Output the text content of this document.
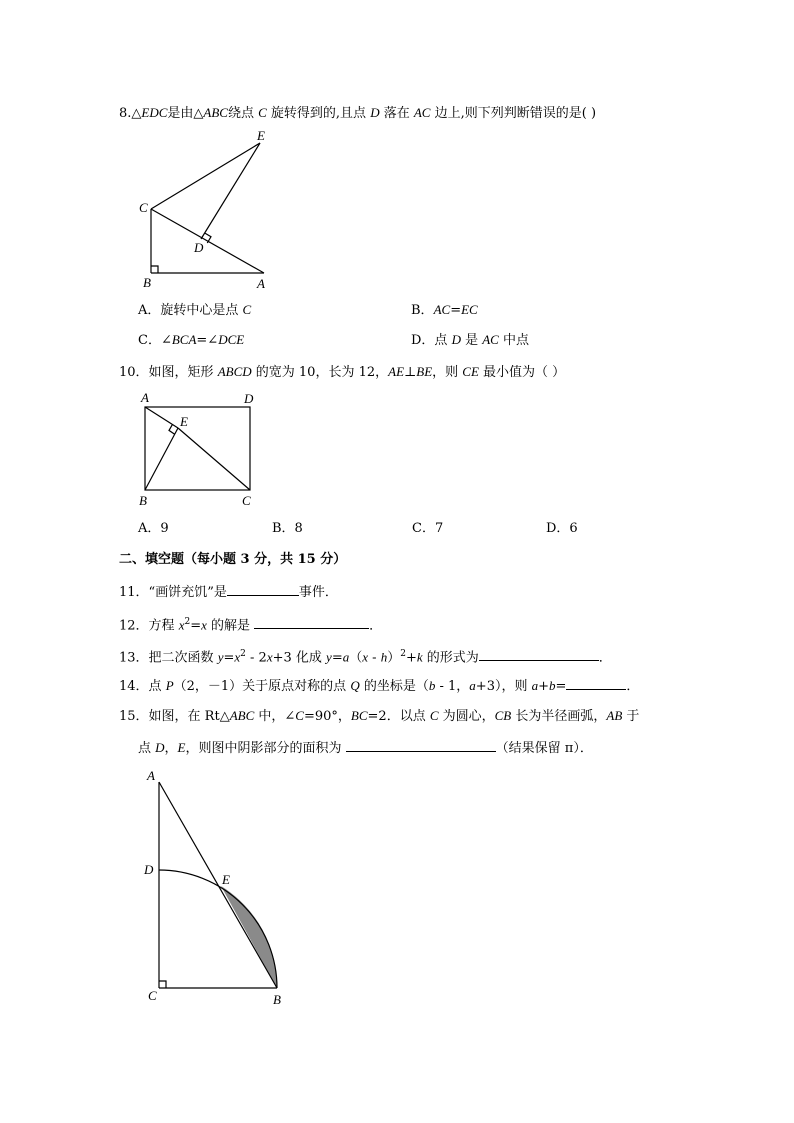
8.△EDC是由△ABC绕点 C 旋转得到的,且点 D 落在 AC 边上,则下列判断错误的是( )
E
C
D
B	A
A．旋转中心是点 C	B．AC=EC
C．∠BCA=∠DCE	D．点 D 是 AC 中点
10．如图，矩形 ABCD 的宽为 10，长为 12，AE⊥BE，则 CE 最小值为（ ）
A	D
E
B	C
A．9	B．8	C．7	D．6
二、填空题（每小题 3 分，共 15 分）
11．“画饼充饥”是	事件．
12．方程 $x^2=x$ 的解是	．
13．把二次函数 $y=x^2 - 2x+3$ 化成 y=a（x - h）$^2$+k 的形式为	．
14．点 P（2，－1）关于原点对称的点 Q 的坐标是（b - 1，a+3），则 a+b=	．
15．如图，在 Rt△ABC 中，∠C=90°，BC=2．以点 C 为圆心，CB 长为半径画弧，AB 于
点 D，E，则图中阴影部分的面积为	（结果保留 π）．
A
D
E
C	B
